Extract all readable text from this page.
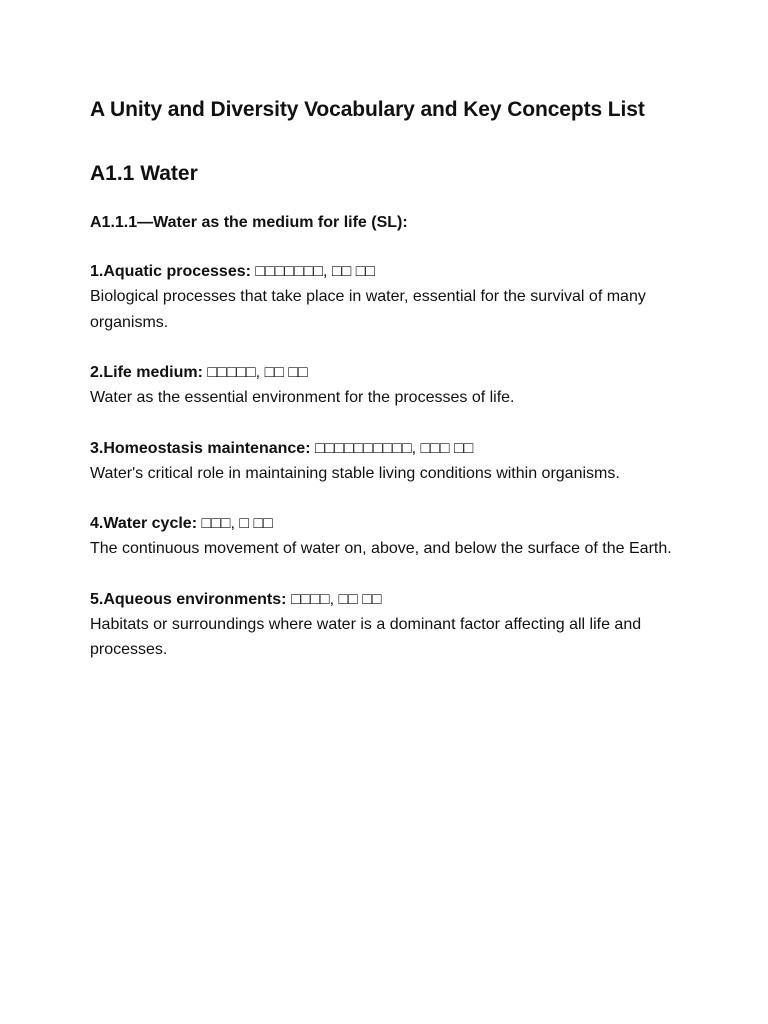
A Unity and Diversity Vocabulary and Key Concepts List
A1.1 Water
A1.1.1—Water as the medium for life (SL):

1.Aquatic processes: □□□□□□□, □□ □□

Biological processes that take place in water, essential for the survival of many organisms.

2.Life medium: □□□□□, □□ □□

Water as the essential environment for the processes of life.

3.Homeostasis maintenance: □□□□□□□□□□, □□□ □□

Water's critical role in maintaining stable living conditions within organisms.

4.Water cycle: □□□, □ □□

The continuous movement of water on, above, and below the surface of the Earth.

5.Aqueous environments: □□□□, □□ □□

Habitats or surroundings where water is a dominant factor affecting all life and processes.
